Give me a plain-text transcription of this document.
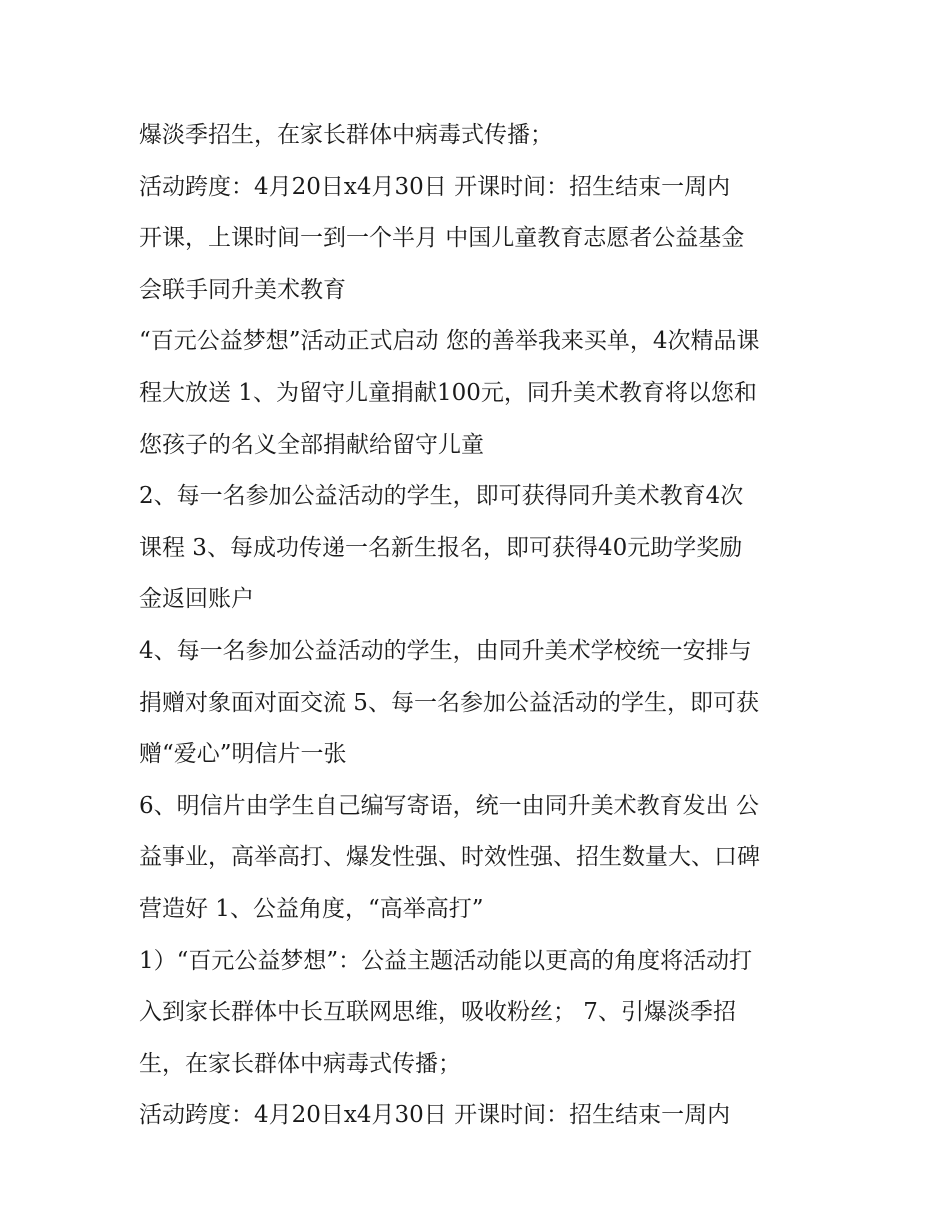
爆淡季招生，在家长群体中病毒式传播；
活动跨度：4月20日x4月30日 开课时间：招生结束一周内
开课，上课时间一到一个半月 中国儿童教育志愿者公益基金
会联手同升美术教育
“百元公益梦想”活动正式启动 您的善举我来买单，4次精品课
程大放送 1、为留守儿童捐献100元，同升美术教育将以您和
您孩子的名义全部捐献给留守儿童
2、每一名参加公益活动的学生，即可获得同升美术教育4次
课程 3、每成功传递一名新生报名，即可获得40元助学奖励
金返回账户
4、每一名参加公益活动的学生，由同升美术学校统一安排与
捐赠对象面对面交流 5、每一名参加公益活动的学生，即可获
赠“爱心”明信片一张
6、明信片由学生自己编写寄语，统一由同升美术教育发出 公
益事业，高举高打、爆发性强、时效性强、招生数量大、口碑
营造好 1、公益角度，“高举高打”
1）“百元公益梦想”：公益主题活动能以更高的角度将活动打
入到家长群体中长互联网思维，吸收粉丝； 7、引爆淡季招
生，在家长群体中病毒式传播；
活动跨度：4月20日x4月30日 开课时间：招生结束一周内
